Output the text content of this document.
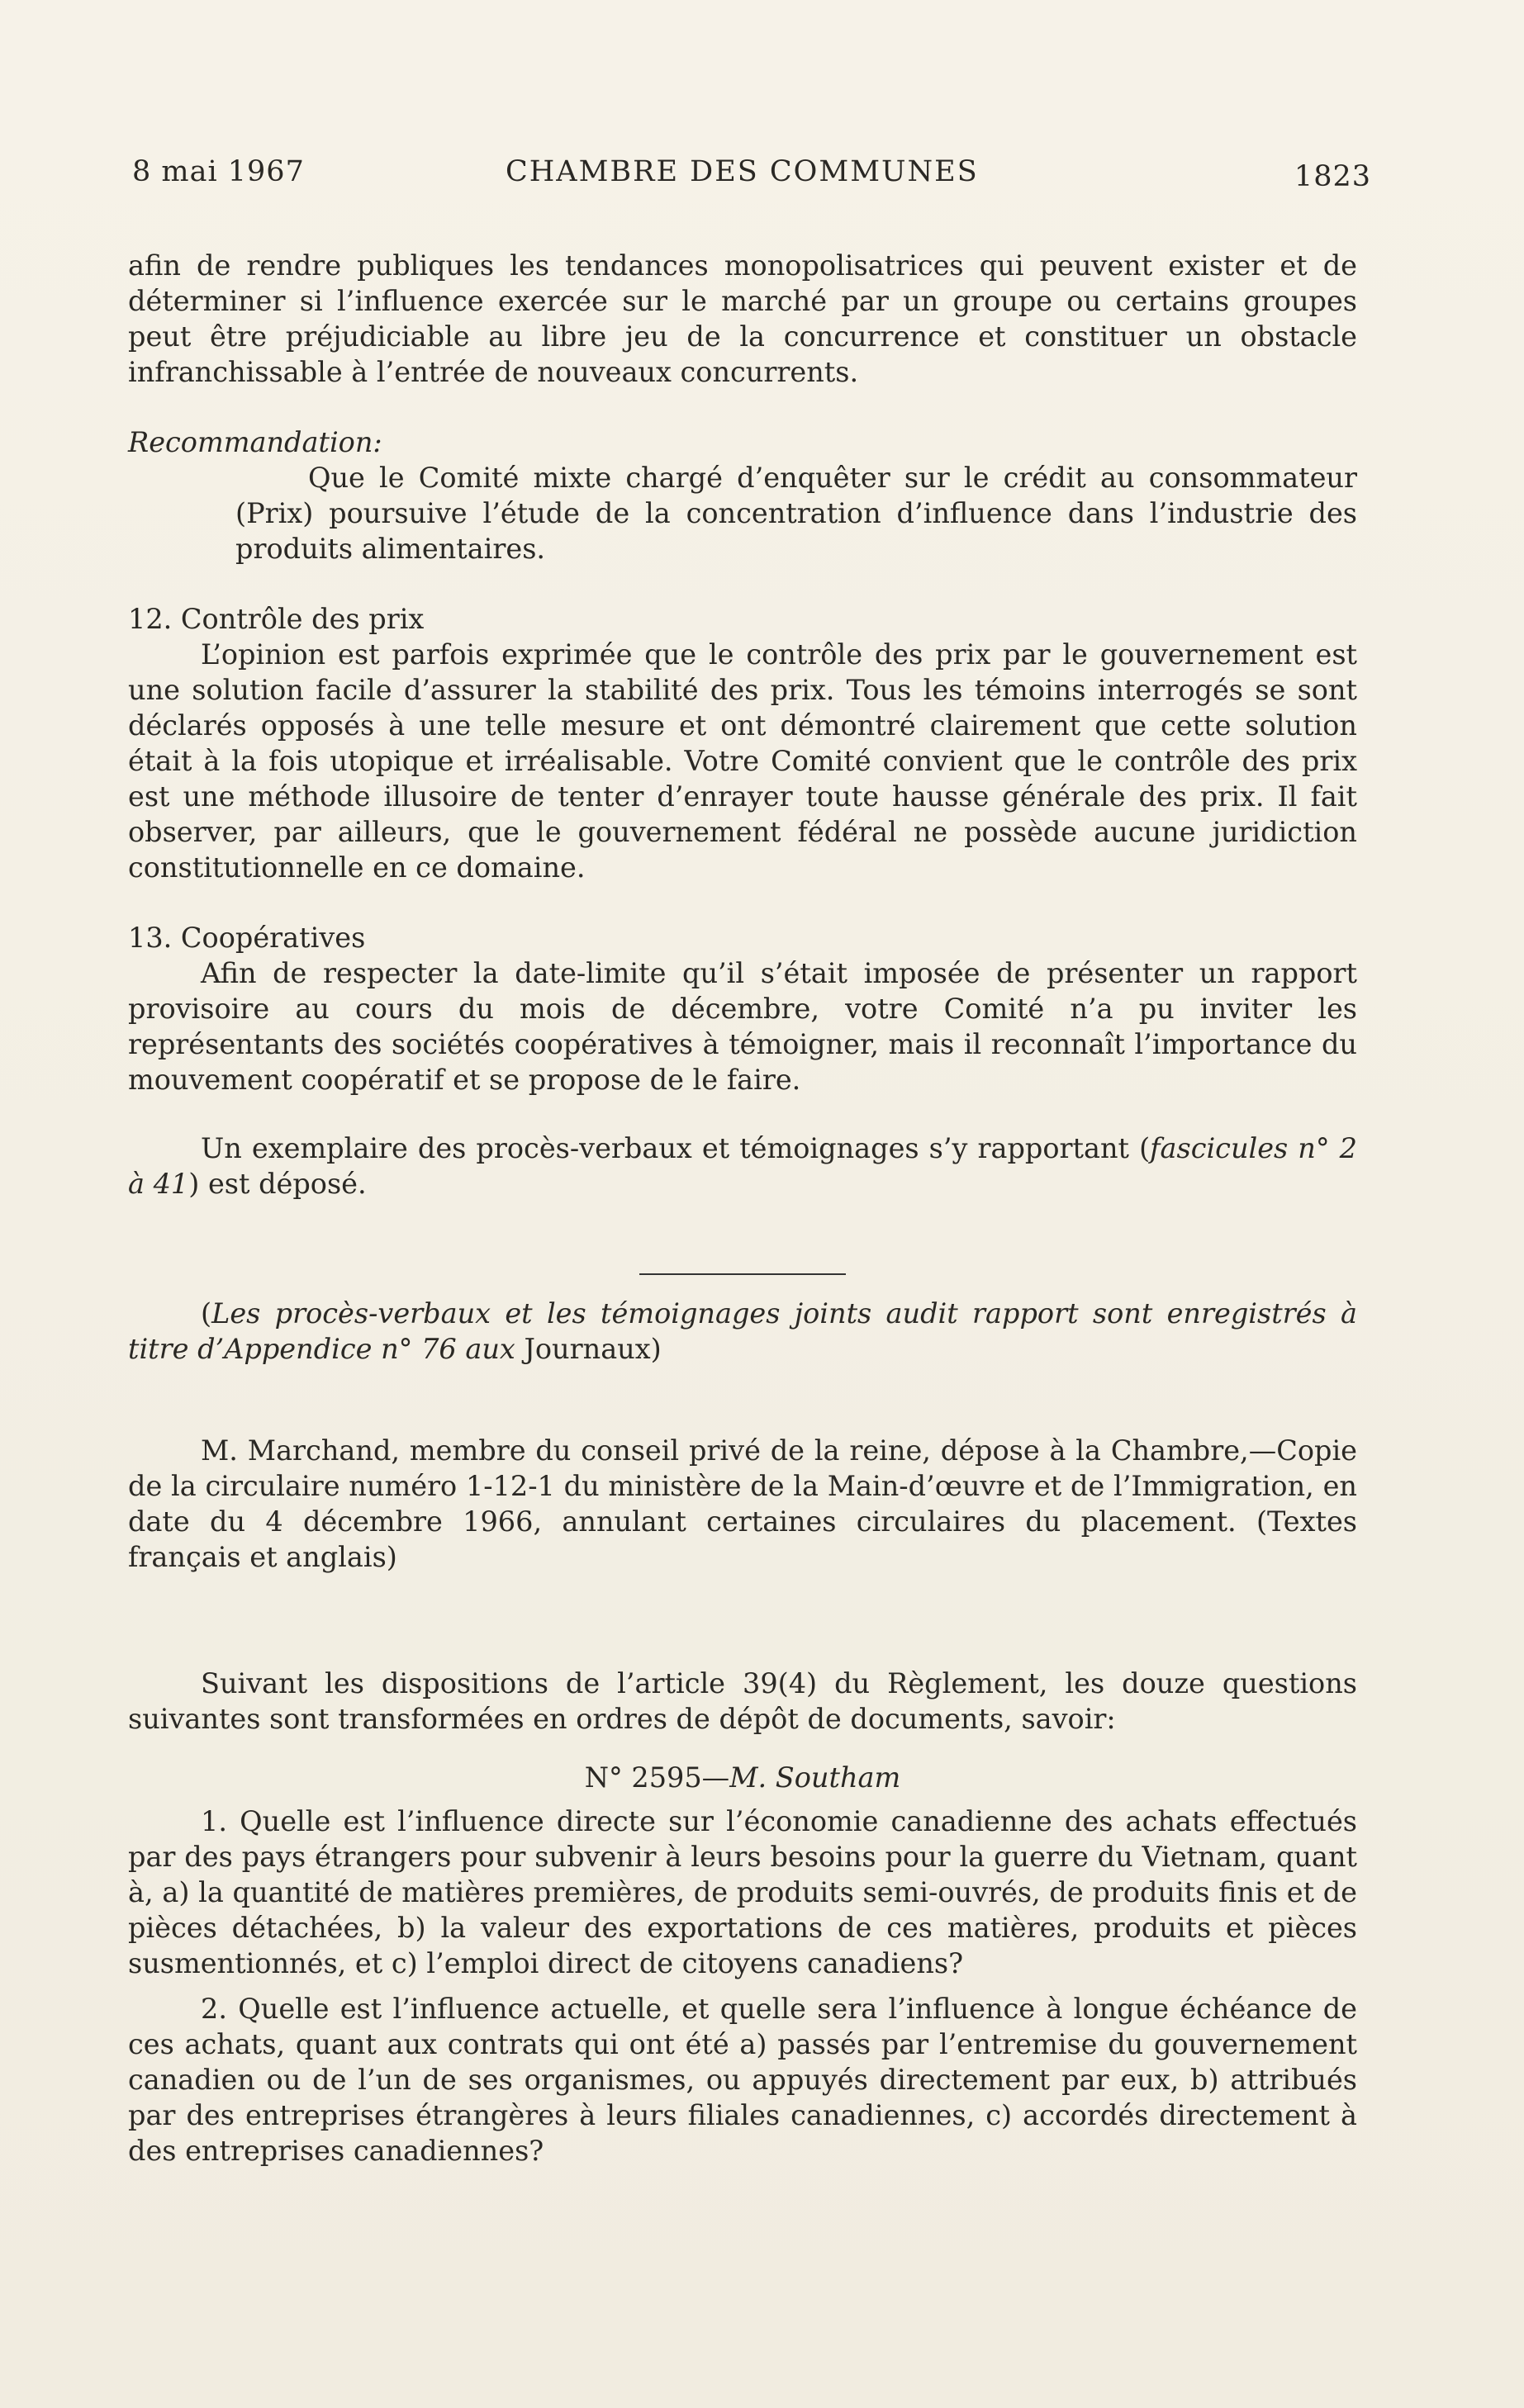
8 mai 1967	CHAMBRE DES COMMUNES	1823

afin de rendre publiques les tendances monopolisatrices qui peuvent exister et de déterminer si l’influence exercée sur le marché par un groupe ou certains groupes peut être préjudiciable au libre jeu de la concurrence et constituer un obstacle infranchissable à l’entrée de nouveaux concurrents.

Recommandation:

Que le Comité mixte chargé d’enquêter sur le crédit au consommateur (Prix) poursuive l’étude de la concentration d’influence dans l’industrie des produits alimentaires.

12. Contrôle des prix

L’opinion est parfois exprimée que le contrôle des prix par le gouvernement est une solution facile d’assurer la stabilité des prix. Tous les témoins interrogés se sont déclarés opposés à une telle mesure et ont démontré clairement que cette solution était à la fois utopique et irréalisable. Votre Comité convient que le contrôle des prix est une méthode illusoire de tenter d’enrayer toute hausse générale des prix. Il fait observer, par ailleurs, que le gouvernement fédéral ne possède aucune juridiction constitutionnelle en ce domaine.

13. Coopératives

Afin de respecter la date-limite qu’il s’était imposée de présenter un rapport provisoire au cours du mois de décembre, votre Comité n’a pu inviter les représentants des sociétés coopératives à témoigner, mais il reconnaît l’importance du mouvement coopératif et se propose de le faire.

Un exemplaire des procès-verbaux et témoignages s’y rapportant (fascicules n° 2 à 41) est déposé.

(Les procès-verbaux et les témoignages joints audit rapport sont enregistrés à titre d’Appendice n° 76 aux Journaux)

M. Marchand, membre du conseil privé de la reine, dépose à la Chambre,—Copie de la circulaire numéro 1-12-1 du ministère de la Main-d’œuvre et de l’Immigration, en date du 4 décembre 1966, annulant certaines circulaires du placement. (Textes français et anglais)

Suivant les dispositions de l’article 39(4) du Règlement, les douze questions suivantes sont transformées en ordres de dépôt de documents, savoir:

N° 2595—M. Southam

1. Quelle est l’influence directe sur l’économie canadienne des achats effectués par des pays étrangers pour subvenir à leurs besoins pour la guerre du Vietnam, quant à, a) la quantité de matières premières, de produits semi-ouvrés, de produits finis et de pièces détachées, b) la valeur des exportations de ces matières, produits et pièces susmentionnés, et c) l’emploi direct de citoyens canadiens?

2. Quelle est l’influence actuelle, et quelle sera l’influence à longue échéance de ces achats, quant aux contrats qui ont été a) passés par l’entremise du gouvernement canadien ou de l’un de ses organismes, ou appuyés directement par eux, b) attribués par des entreprises étrangères à leurs filiales canadiennes, c) accordés directement à des entreprises canadiennes?
